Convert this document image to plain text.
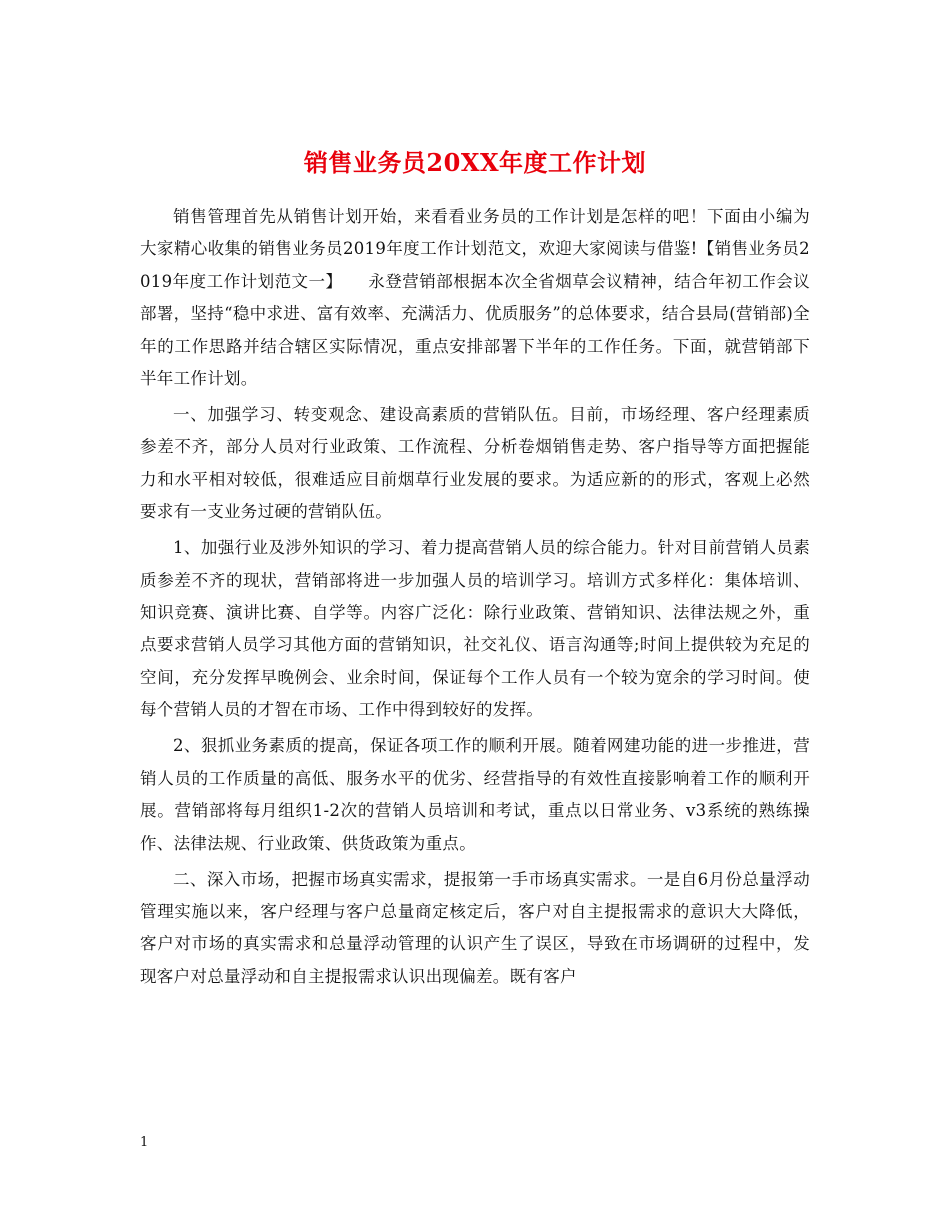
销售业务员20XX年度工作计划

销售管理首先从销售计划开始，来看看业务员的工作计划是怎样的吧！下面由小编为大家精心收集的销售业务员2019年度工作计划范文，欢迎大家阅读与借鉴!【销售业务员2019年度工作计划范文一】　　永登营销部根据本次全省烟草会议精神，结合年初工作会议部署，坚持“稳中求进、富有效率、充满活力、优质服务”的总体要求，结合县局(营销部)全年的工作思路并结合辖区实际情况，重点安排部署下半年的工作任务。下面，就营销部下半年工作计划。

一、加强学习、转变观念、建设高素质的营销队伍。目前，市场经理、客户经理素质参差不齐，部分人员对行业政策、工作流程、分析卷烟销售走势、客户指导等方面把握能力和水平相对较低，很难适应目前烟草行业发展的要求。为适应新的的形式，客观上必然要求有一支业务过硬的营销队伍。

1、加强行业及涉外知识的学习、着力提高营销人员的综合能力。针对目前营销人员素质参差不齐的现状，营销部将进一步加强人员的培训学习。培训方式多样化：集体培训、知识竞赛、演讲比赛、自学等。内容广泛化：除行业政策、营销知识、法律法规之外，重点要求营销人员学习其他方面的营销知识，社交礼仪、语言沟通等;时间上提供较为充足的空间，充分发挥早晚例会、业余时间，保证每个工作人员有一个较为宽余的学习时间。使每个营销人员的才智在市场、工作中得到较好的发挥。

2、狠抓业务素质的提高，保证各项工作的顺利开展。随着网建功能的进一步推进，营销人员的工作质量的高低、服务水平的优劣、经营指导的有效性直接影响着工作的顺利开展。营销部将每月组织1-2次的营销人员培训和考试，重点以日常业务、v3系统的熟练操作、法律法规、行业政策、供货政策为重点。

二、深入市场，把握市场真实需求，提报第一手市场真实需求。一是自6月份总量浮动管理实施以来，客户经理与客户总量商定核定后，客户对自主提报需求的意识大大降低，客户对市场的真实需求和总量浮动管理的认识产生了误区，导致在市场调研的过程中，发现客户对总量浮动和自主提报需求认识出现偏差。既有客户

1
